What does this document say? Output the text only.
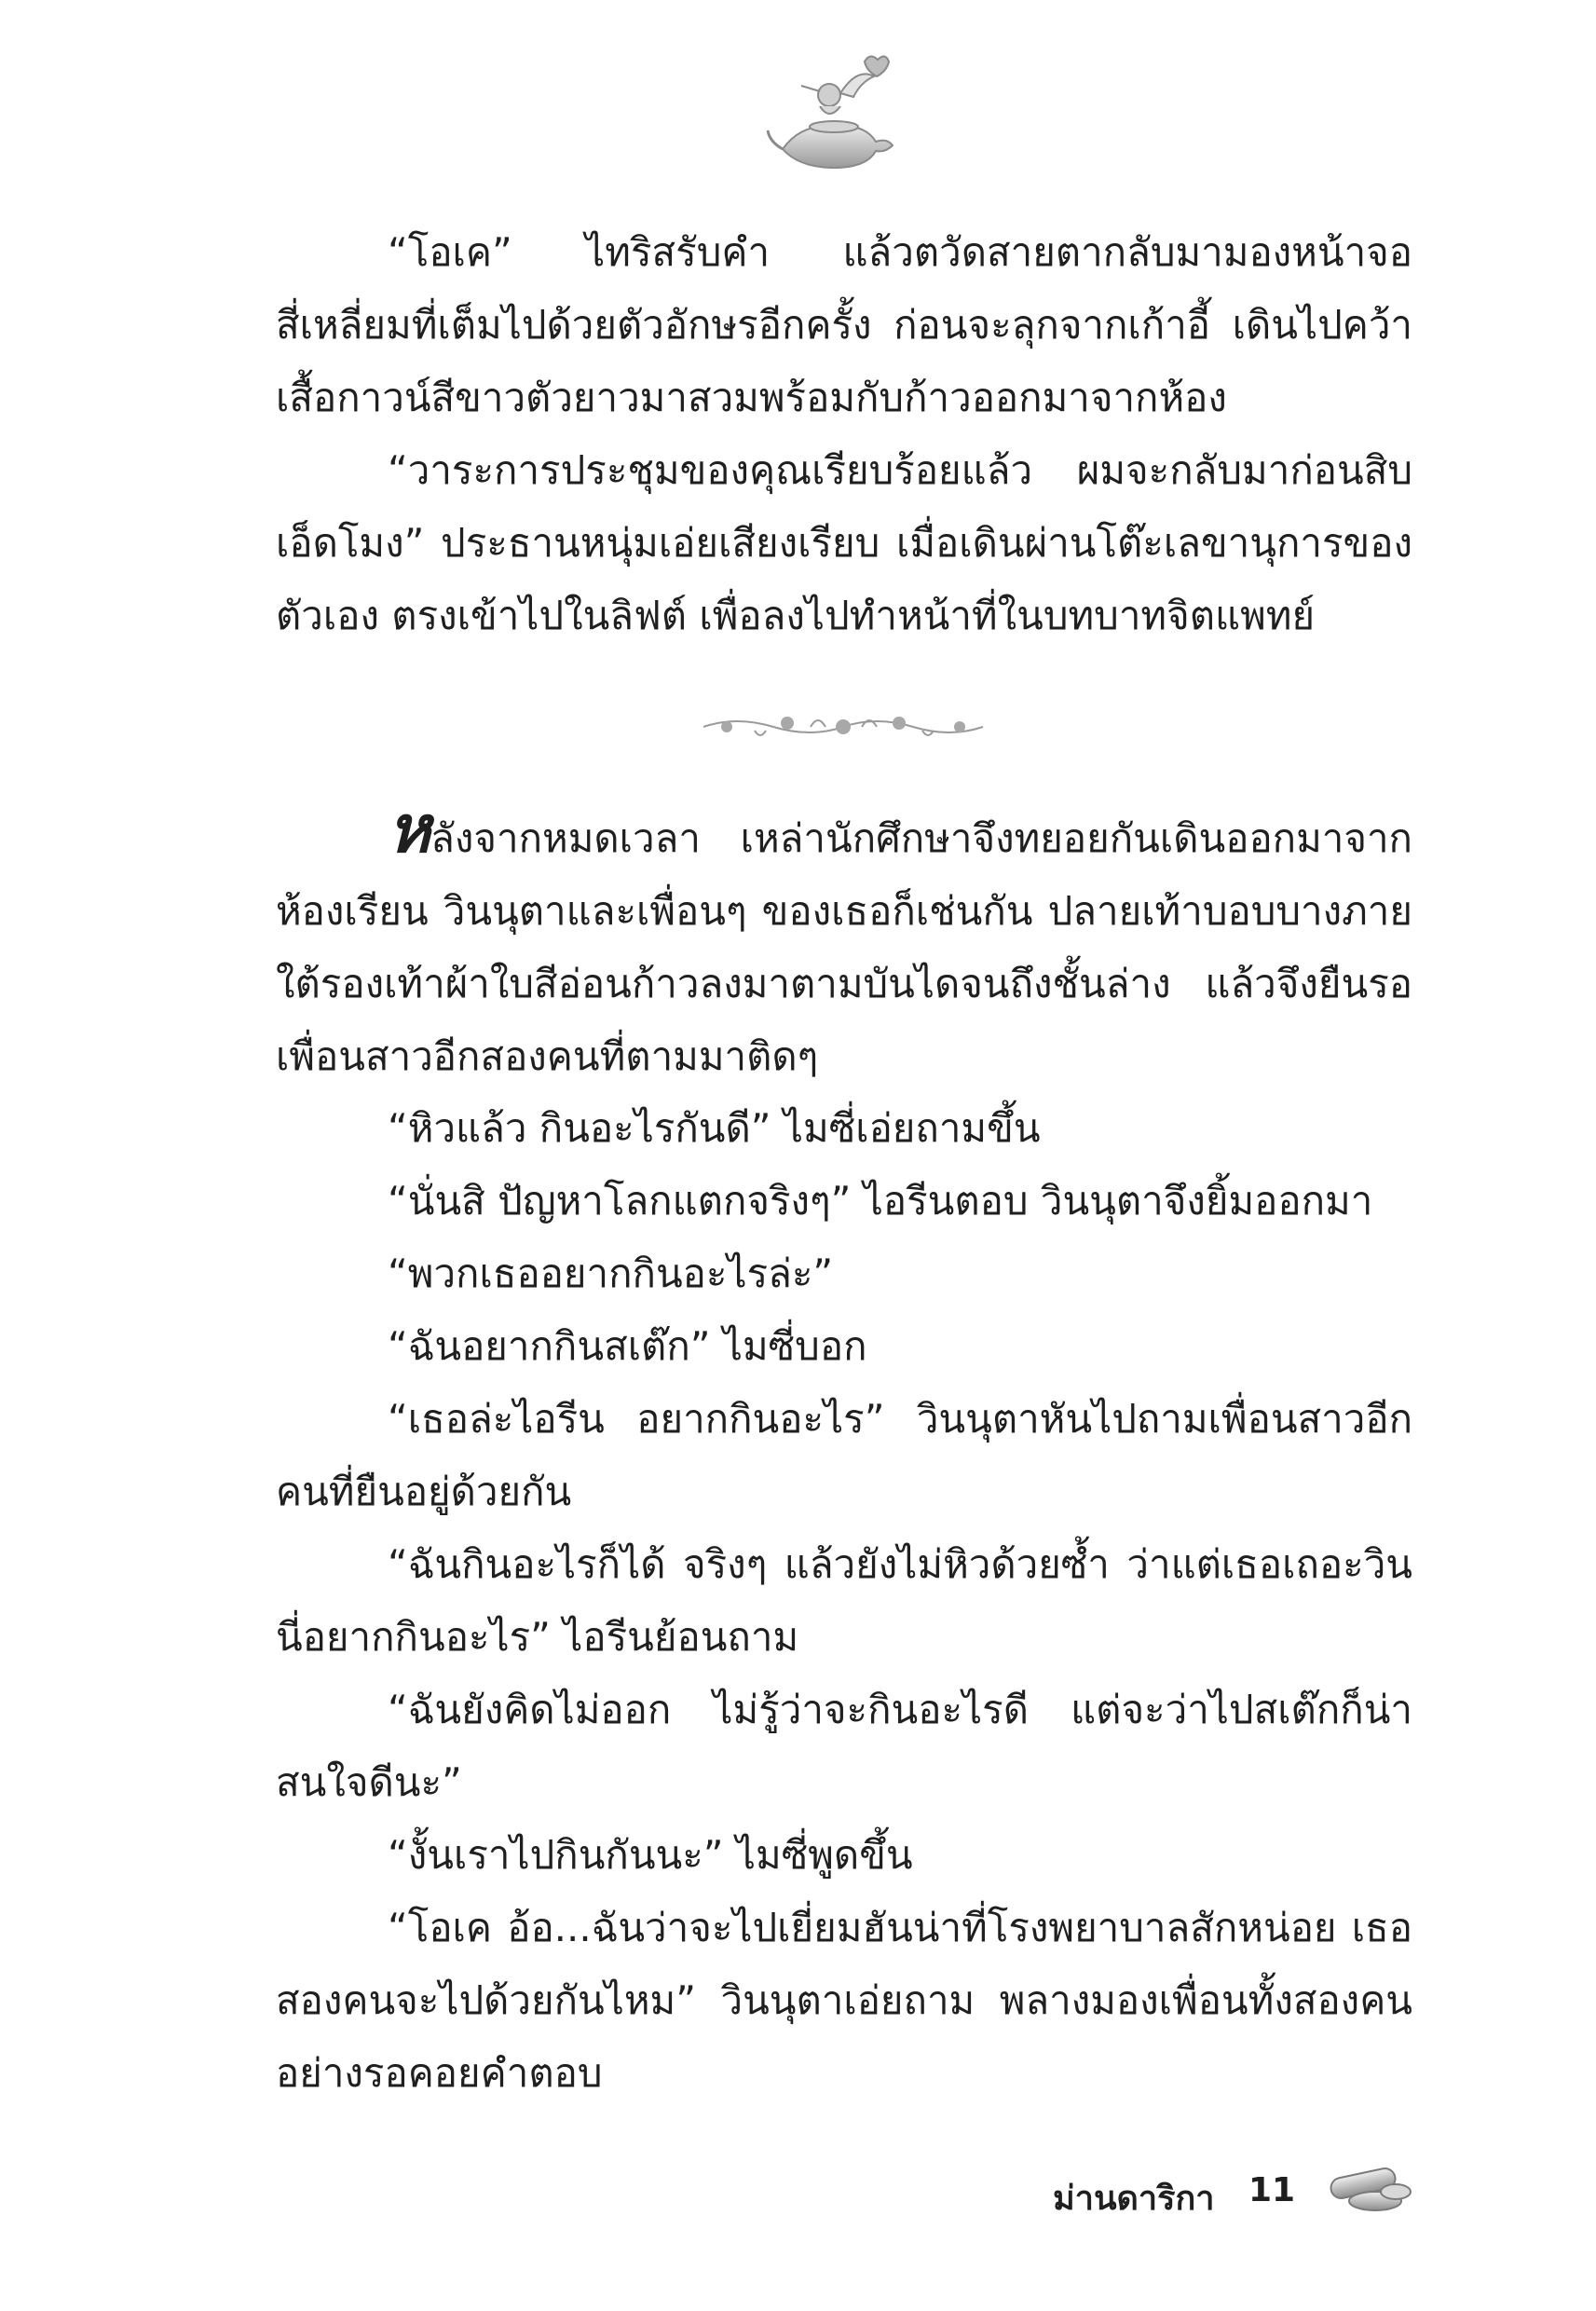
“โอเค” ไทริสรับคำ แล้วตวัดสายตากลับมามองหน้าจอสี่เหลี่ยมที่เต็มไปด้วยตัวอักษรอีกครั้ง ก่อนจะลุกจากเก้าอี้ เดินไปคว้าเสื้อกาวน์สีขาวตัวยาวมาสวมพร้อมกับก้าวออกมาจากห้อง

“วาระการประชุมของคุณเรียบร้อยแล้ว ผมจะกลับมาก่อนสิบเอ็ดโมง” ประธานหนุ่มเอ่ยเสียงเรียบ เมื่อเดินผ่านโต๊ะเลขานุการของตัวเอง ตรงเข้าไปในลิฟต์ เพื่อลงไปทำหน้าที่ในบทบาทจิตแพทย์

หลังจากหมดเวลา เหล่านักศึกษาจึงทยอยกันเดินออกมาจากห้องเรียน วินนุตาและเพื่อนๆ ของเธอก็เช่นกัน ปลายเท้าบอบบางภายใต้รองเท้าผ้าใบสีอ่อนก้าวลงมาตามบันไดจนถึงชั้นล่าง แล้วจึงยืนรอเพื่อนสาวอีกสองคนที่ตามมาติดๆ

“หิวแล้ว กินอะไรกันดี” ไมซี่เอ่ยถามขึ้น

“นั่นสิ ปัญหาโลกแตกจริงๆ” ไอรีนตอบ วินนุตาจึงยิ้มออกมา

“พวกเธออยากกินอะไรล่ะ”

“ฉันอยากกินสเต๊ก” ไมซี่บอก

“เธอล่ะไอรีน อยากกินอะไร” วินนุตาหันไปถามเพื่อนสาวอีกคนที่ยืนอยู่ด้วยกัน

“ฉันกินอะไรก็ได้ จริงๆ แล้วยังไม่หิวด้วยซ้ำ ว่าแต่เธอเถอะวินนี่อยากกินอะไร” ไอรีนย้อนถาม

“ฉันยังคิดไม่ออก ไม่รู้ว่าจะกินอะไรดี แต่จะว่าไปสเต๊กก็น่าสนใจดีนะ”

“งั้นเราไปกินกันนะ” ไมซี่พูดขึ้น

“โอเค อ้อ...ฉันว่าจะไปเยี่ยมฮันน่าที่โรงพยาบาลสักหน่อย เธอสองคนจะไปด้วยกันไหม” วินนุตาเอ่ยถาม พลางมองเพื่อนทั้งสองคนอย่างรอคอยคำตอบ

ม่านดาริกา 11
